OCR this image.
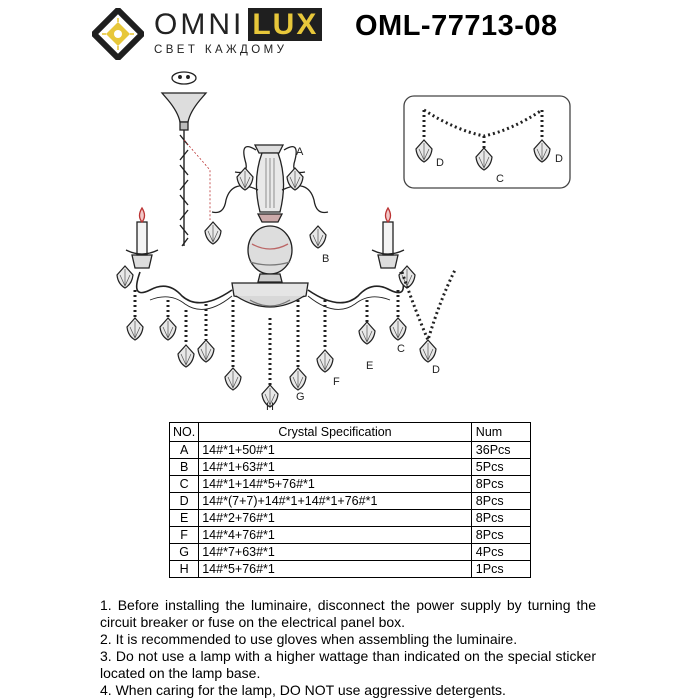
OMNI LUX
СВЕТ КАЖДОМУ
OML-77713-08
A
B
C
D
E
F
G
H
D
C
D
NO.	Crystal Specification	Num
A	14#*1+50#*1	36Pcs
B	14#*1+63#*1	5Pcs
C	14#*1+14#*5+76#*1	8Pcs
D	14#*(7+7)+14#*1+14#*1+76#*1	8Pcs
E	14#*2+76#*1	8Pcs
F	14#*4+76#*1	8Pcs
G	14#*7+63#*1	4Pcs
H	14#*5+76#*1	1Pcs

1. Before installing the luminaire, disconnect the power supply by turning the circuit breaker or fuse on the electrical panel box.

2. It is recommended to use gloves when assembling the luminaire.

3. Do not use a lamp with a higher wattage than indicated on the special sticker located on the lamp base.

4. When caring for the lamp, DO NOT use aggressive detergents.
